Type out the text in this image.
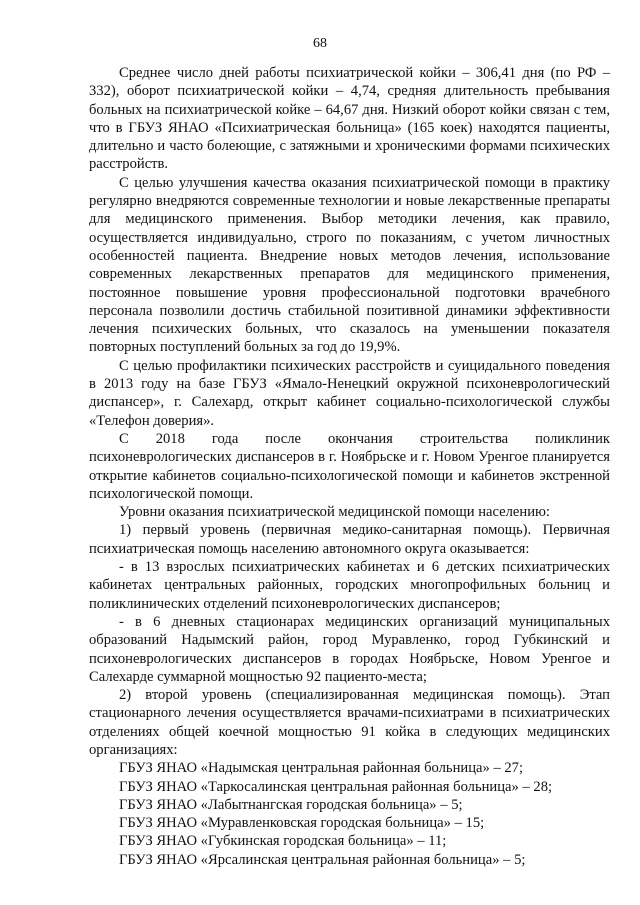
68

Среднее число дней работы психиатрической койки – 306,41 дня (по РФ – 332), оборот психиатрической койки – 4,74, средняя длительность пребывания больных на психиатрической койке – 64,67 дня. Низкий оборот койки связан с тем, что в ГБУЗ ЯНАО «Психиатрическая больница» (165 коек) находятся пациенты, длительно и часто болеющие, с затяжными и хроническими формами психических расстройств.

С целью улучшения качества оказания психиатрической помощи в практику регулярно внедряются современные технологии и новые лекарственные препараты для медицинского применения. Выбор методики лечения, как правило, осуществляется индивидуально, строго по показаниям, с учетом личностных особенностей пациента. Внедрение новых методов лечения, использование современных лекарственных препаратов для медицинского применения, постоянное повышение уровня профессиональной подготовки врачебного персонала позволили достичь стабильной позитивной динамики эффективности лечения психических больных, что сказалось на уменьшении показателя повторных поступлений больных за год до 19,9%.

С целью профилактики психических расстройств и суицидального поведения в 2013 году на базе ГБУЗ «Ямало-Ненецкий окружной психоневрологический диспансер», г. Салехард, открыт кабинет социально-психологической службы «Телефон доверия».

С 2018 года после окончания строительства поликлиник психоневрологических диспансеров в г. Ноябрьске и г. Новом Уренгое планируется открытие кабинетов социально-психологической помощи и кабинетов экстренной психологической помощи.

Уровни оказания психиатрической медицинской помощи населению:

1) первый уровень (первичная медико-санитарная помощь). Первичная психиатрическая помощь населению автономного округа оказывается:

- в 13 взрослых психиатрических кабинетах и 6 детских психиатрических кабинетах центральных районных, городских многопрофильных больниц и поликлинических отделений психоневрологических диспансеров;

- в 6 дневных стационарах медицинских организаций муниципальных образований Надымский район, город Муравленко, город Губкинский и психоневрологических диспансеров в городах Ноябрьске, Новом Уренгое и Салехарде суммарной мощностью 92 пациенто-места;

2) второй уровень (специализированная медицинская помощь). Этап стационарного лечения осуществляется врачами-психиатрами в психиатрических отделениях общей коечной мощностью 91 койка в следующих медицинских организациях:

ГБУЗ ЯНАО «Надымская центральная районная больница» – 27;

ГБУЗ ЯНАО «Таркосалинская центральная районная больница» – 28;

ГБУЗ ЯНАО «Лабытнангская городская больница» – 5;

ГБУЗ ЯНАО «Муравленковская городская больница» – 15;

ГБУЗ ЯНАО «Губкинская городская больница» – 11;

ГБУЗ ЯНАО «Ярсалинская центральная районная больница» – 5;
